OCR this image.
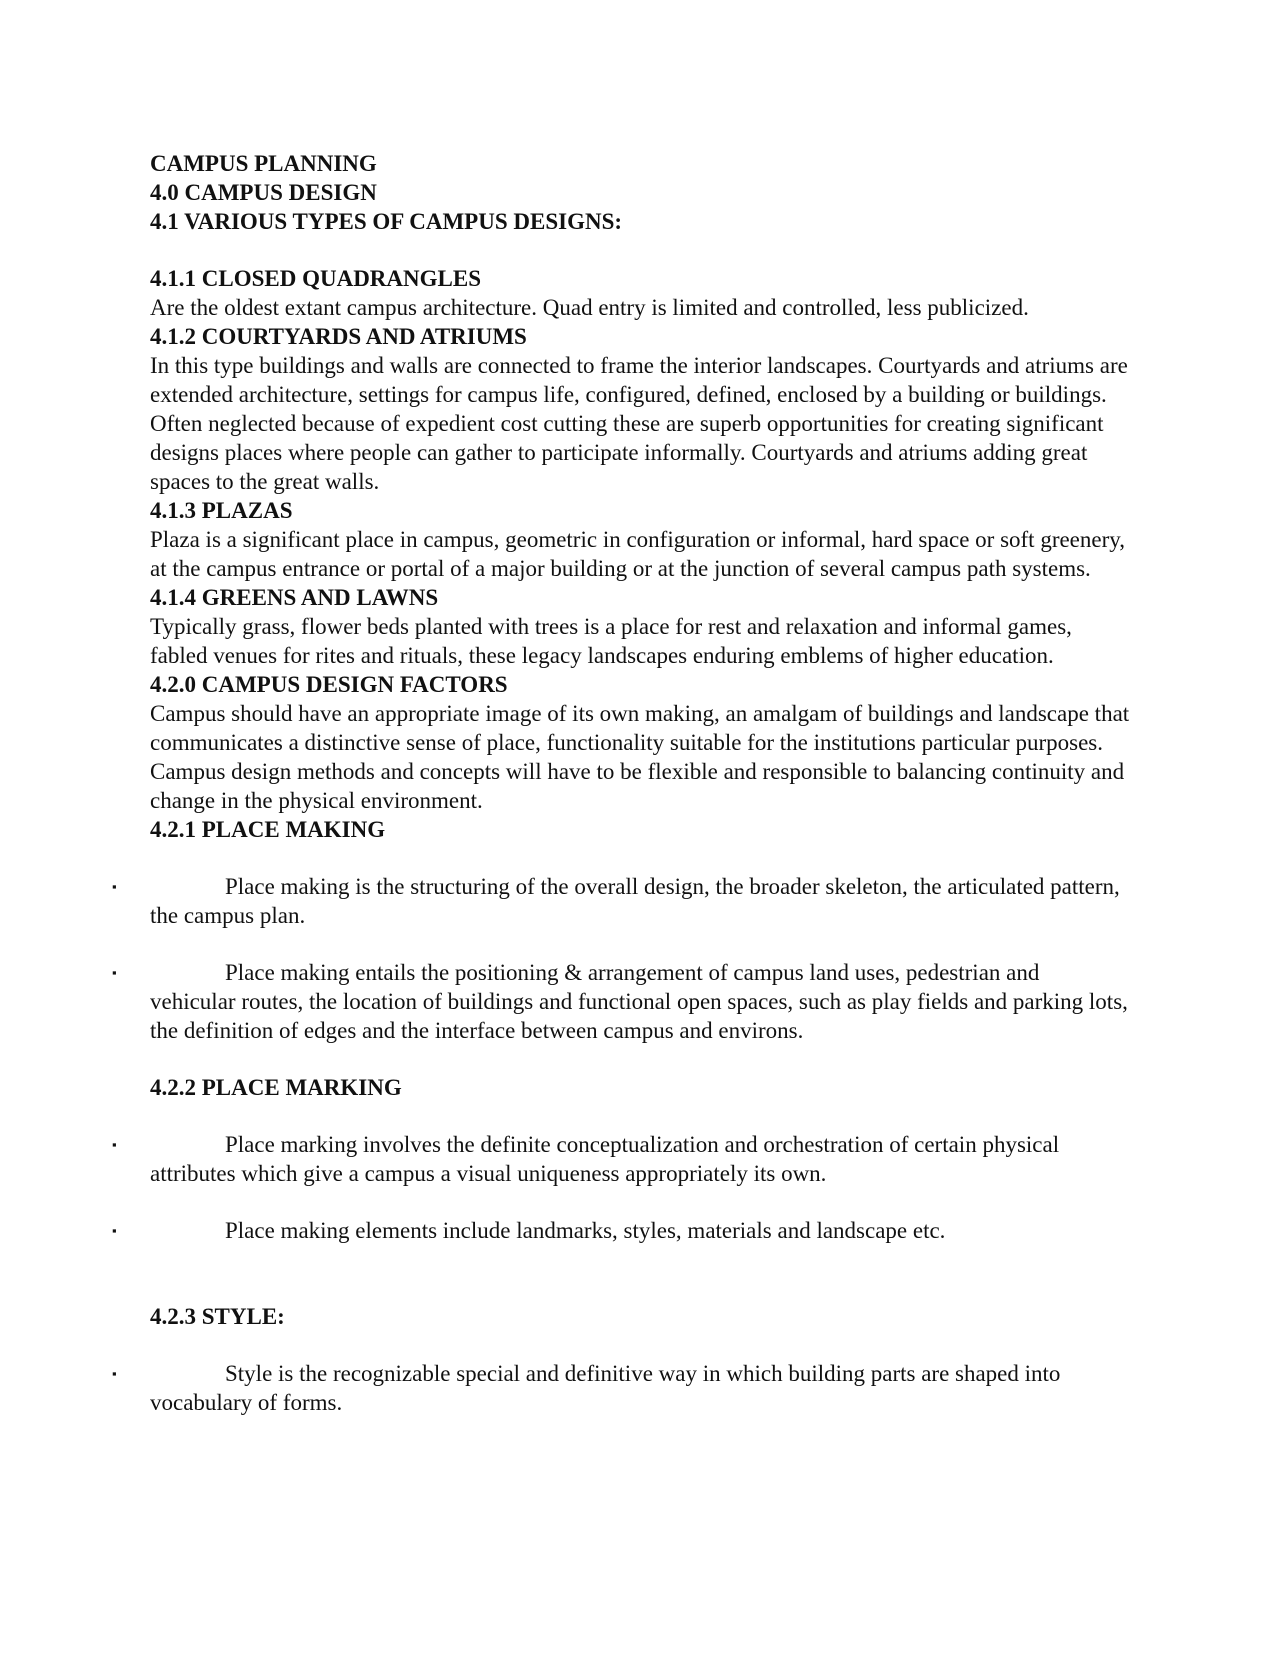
CAMPUS PLANNING
4.0 CAMPUS DESIGN
4.1 VARIOUS TYPES OF CAMPUS DESIGNS:
4.1.1 CLOSED QUADRANGLES

Are the oldest extant campus architecture. Quad entry is limited and controlled, less publicized.

4.1.2 COURTYARDS AND ATRIUMS

In this type buildings and walls are connected to frame the interior landscapes. Courtyards and atriums are extended architecture, settings for campus life, configured, defined, enclosed by a building or buildings. Often neglected because of expedient cost cutting these are superb opportunities for creating significant designs places where people can gather to participate informally. Courtyards and atriums adding great spaces to the great walls.

4.1.3 PLAZAS

Plaza is a significant place in campus, geometric in configuration or informal, hard space or soft greenery, at the campus entrance or portal of a major building or at the junction of several campus path systems.

4.1.4 GREENS AND LAWNS

Typically grass, flower beds planted with trees is a place for rest and relaxation and informal games, fabled venues for rites and rituals, these legacy landscapes enduring emblems of higher education.

4.2.0 CAMPUS DESIGN FACTORS

Campus should have an appropriate image of its own making, an amalgam of buildings and landscape that communicates a distinctive sense of place, functionality suitable for the institutions particular purposes. Campus design methods and concepts will have to be flexible and responsible to balancing continuity and change in the physical environment.

4.2.1 PLACE MAKING

▪	Place making is the structuring of the overall design, the broader skeleton, the articulated pattern, the campus plan.

▪	Place making entails the positioning & arrangement of campus land uses, pedestrian and vehicular routes, the location of buildings and functional open spaces, such as play fields and parking lots, the definition of edges and the interface between campus and environs.

4.2.2 PLACE MARKING

▪	Place marking involves the definite conceptualization and orchestration of certain physical attributes which give a campus a visual uniqueness appropriately its own.

▪	Place making elements include landmarks, styles, materials and landscape etc.

4.2.3 STYLE:

▪	Style is the recognizable special and definitive way in which building parts are shaped into vocabulary of forms.
